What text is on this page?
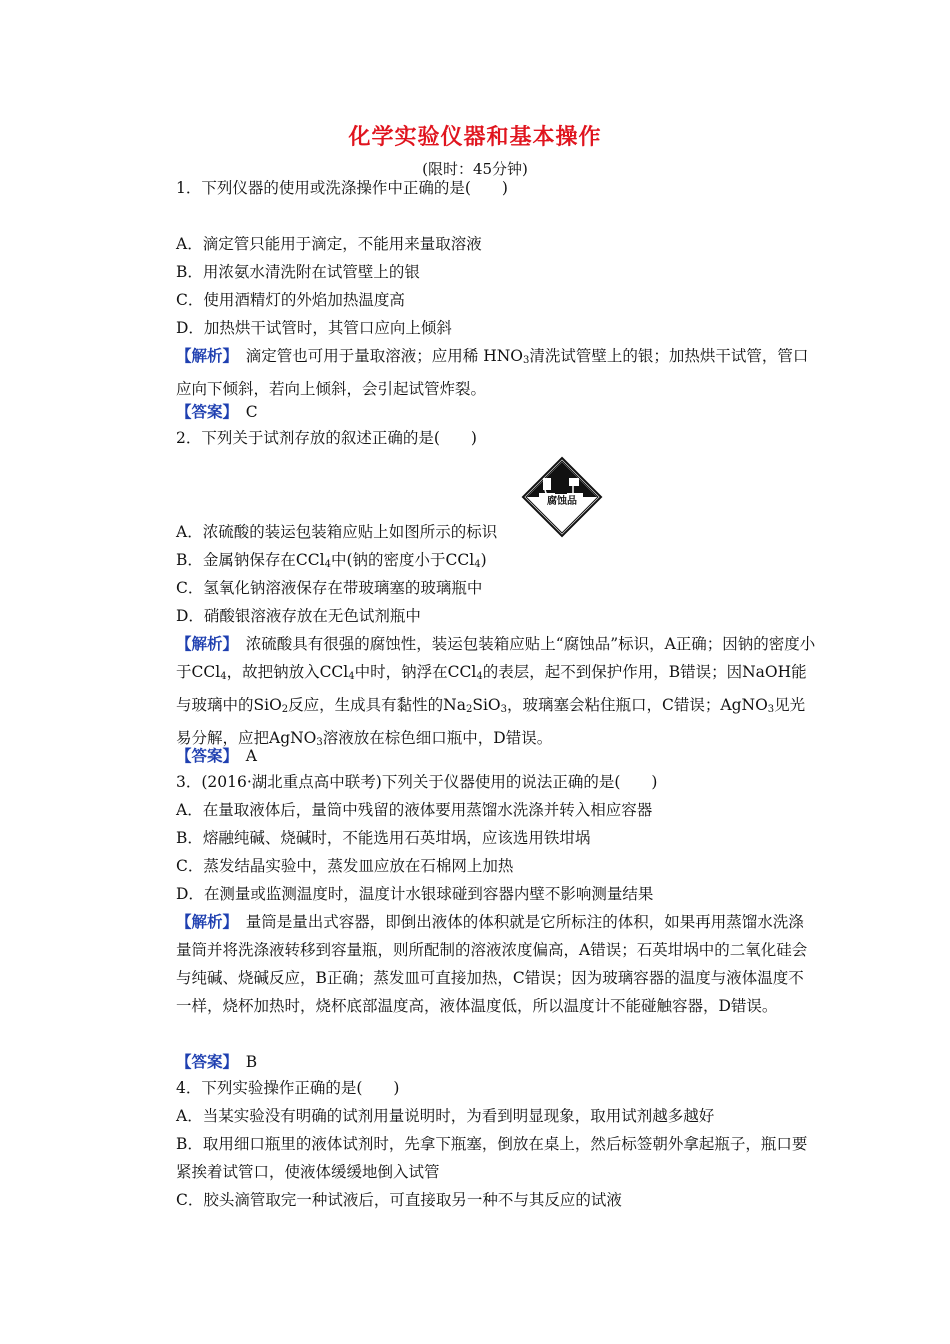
化学实验仪器和基本操作
(限时：45分钟)
1．下列仪器的使用或洗涤操作中正确的是(　　)
A．滴定管只能用于滴定，不能用来量取溶液
B．用浓氨水清洗附在试管壁上的银
C．使用酒精灯的外焰加热温度高
D．加热烘干试管时，其管口应向上倾斜
【解析】　滴定管也可用于量取溶液；应用稀 $HNO_3$清洗试管壁上的银；加热烘干试管，管口应向下倾斜，若向上倾斜，会引起试管炸裂。
【答案】　C
2．下列关于试剂存放的叙述正确的是(　　)
腐蚀品
A．浓硫酸的装运包装箱应贴上如图所示的标识
B．金属钠保存在CCl$_4$中(钠的密度小于CCl$_4$)
C．氢氧化钠溶液保存在带玻璃塞的玻璃瓶中
D．硝酸银溶液存放在无色试剂瓶中
【解析】　浓硫酸具有很强的腐蚀性，装运包装箱应贴上“腐蚀品”标识，A正确；因钠的密度小于CCl$_4$，故把钠放入CCl$_4$中时，钠浮在CCl$_4$的表层，起不到保护作用，B错误；因NaOH能与玻璃中的SiO$_2$反应，生成具有黏性的$Na_2SiO_3$，玻璃塞会粘住瓶口，C错误；AgNO$_3$见光易分解，应把AgNO$_3$溶液放在棕色细口瓶中，D错误。
【答案】　A
3．(2016·湖北重点高中联考)下列关于仪器使用的说法正确的是(　　)
A．在量取液体后，量筒中残留的液体要用蒸馏水洗涤并转入相应容器
B．熔融纯碱、烧碱时，不能选用石英坩埚，应该选用铁坩埚
C．蒸发结晶实验中，蒸发皿应放在石棉网上加热
D．在测量或监测温度时，温度计水银球碰到容器内壁不影响测量结果
【解析】　量筒是量出式容器，即倒出液体的体积就是它所标注的体积，如果再用蒸馏水洗涤量筒并将洗涤液转移到容量瓶，则所配制的溶液浓度偏高，A错误；石英坩埚中的二氧化硅会与纯碱、烧碱反应，B正确；蒸发皿可直接加热，C错误；因为玻璃容器的温度与液体温度不一样，烧杯加热时，烧杯底部温度高，液体温度低，所以温度计不能碰触容器，D错误。
【答案】　B
4．下列实验操作正确的是(　　)
A．当某实验没有明确的试剂用量说明时，为看到明显现象，取用试剂越多越好
B．取用细口瓶里的液体试剂时，先拿下瓶塞，倒放在桌上，然后标签朝外拿起瓶子，瓶口要紧挨着试管口，使液体缓缓地倒入试管
C．胶头滴管取完一种试液后，可直接取另一种不与其反应的试液
